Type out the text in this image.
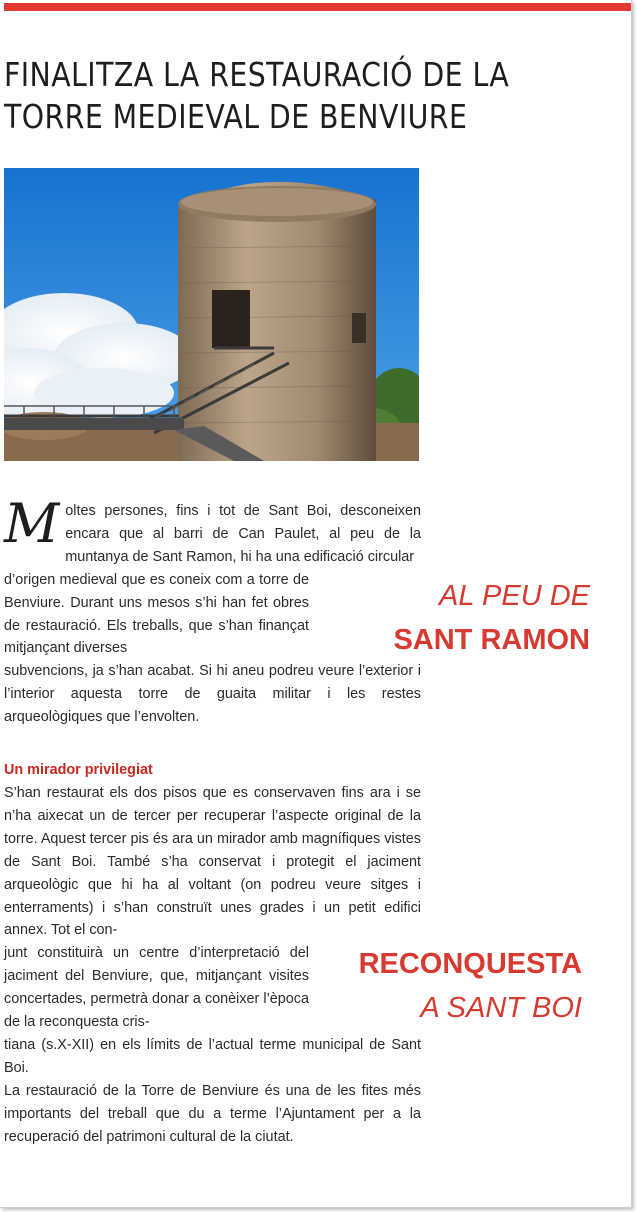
FINALITZA LA RESTAURACIÓ DE LA
TORRE MEDIEVAL DE BENVIURE
M oltes persones, fins i tot de Sant Boi, desconeixen encara que al barri de Can Paulet, al peu de la muntanya de Sant Ramon, hi ha una edificació circular

d’origen medieval que es coneix com a torre de Benviure. Durant uns mesos s’hi han fet obres de restauració. Els treballs, que s’han finançat mitjançant diverses

subvencions, ja s’han acabat. Si hi aneu podreu veure l’exterior i l’interior aquesta torre de guaita militar i les restes arqueològiques que l’envolten.

AL PEU DE
SANT RAMON
Un mirador privilegiat

S’han restaurat els dos pisos que es conservaven fins ara i se n’ha aixecat un de tercer per recuperar l’aspecte original de la torre. Aquest tercer pis és ara un mirador amb magnífiques vistes de Sant Boi. També s’ha conservat i protegit el jaciment arqueològic que hi ha al voltant (on podreu veure sitges i enterraments) i s’han construït unes grades i un petit edifici annex. Tot el con-

junt constituirà un centre d’interpretació del jaciment del Benviure, que, mitjançant visites concertades, permetrà donar a conèixer l’època de la reconquesta cris-

tiana (s.X-XII) en els límits de l’actual terme municipal de Sant Boi.

La restauració de la Torre de Benviure és una de les fites més importants del treball que du a terme l’Ajuntament per a la recuperació del patrimoni cultural de la ciutat.

RECONQUESTA
A SANT BOI
